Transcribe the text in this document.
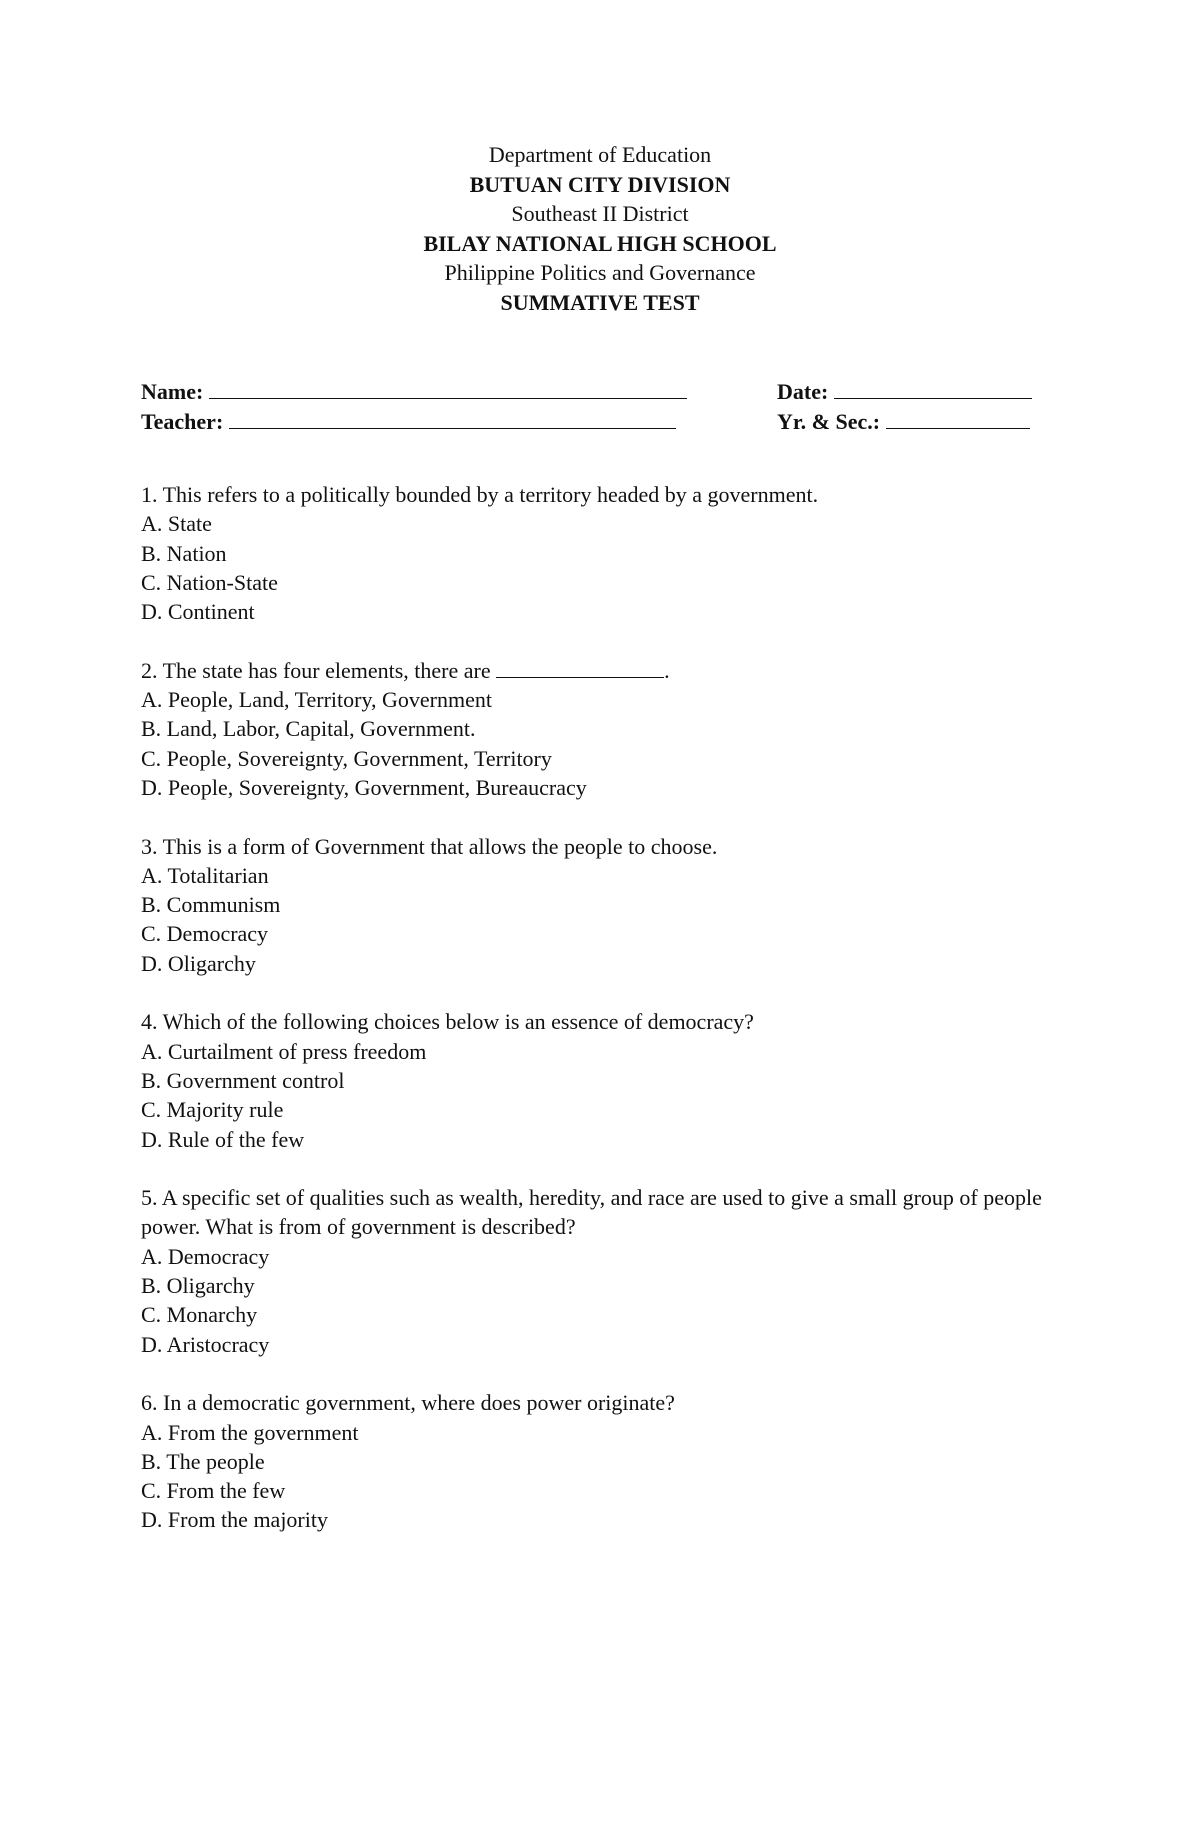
Department of Education
BUTUAN CITY DIVISION
Southeast II District
BILAY NATIONAL HIGH SCHOOL
Philippine Politics and Governance
SUMMATIVE TEST
Name:	Date:
Teacher:	Yr. & Sec.:
1. This refers to a politically bounded by a territory headed by a government.
A. State
B. Nation
C. Nation-State
D. Continent
2. The state has four elements, there are	.
A. People, Land, Territory, Government
B. Land, Labor, Capital, Government.
C. People, Sovereignty, Government, Territory
D. People, Sovereignty, Government, Bureaucracy
3. This is a form of Government that allows the people to choose.
A. Totalitarian
B. Communism
C. Democracy
D. Oligarchy
4. Which of the following choices below is an essence of democracy?
A. Curtailment of press freedom
B. Government control
C. Majority rule
D. Rule of the few
5. A specific set of qualities such as wealth, heredity, and race are used to give a small group of people power. What is from of government is described?
A. Democracy
B. Oligarchy
C. Monarchy
D. Aristocracy
6. In a democratic government, where does power originate?
A. From the government
B. The people
C. From the few
D. From the majority
